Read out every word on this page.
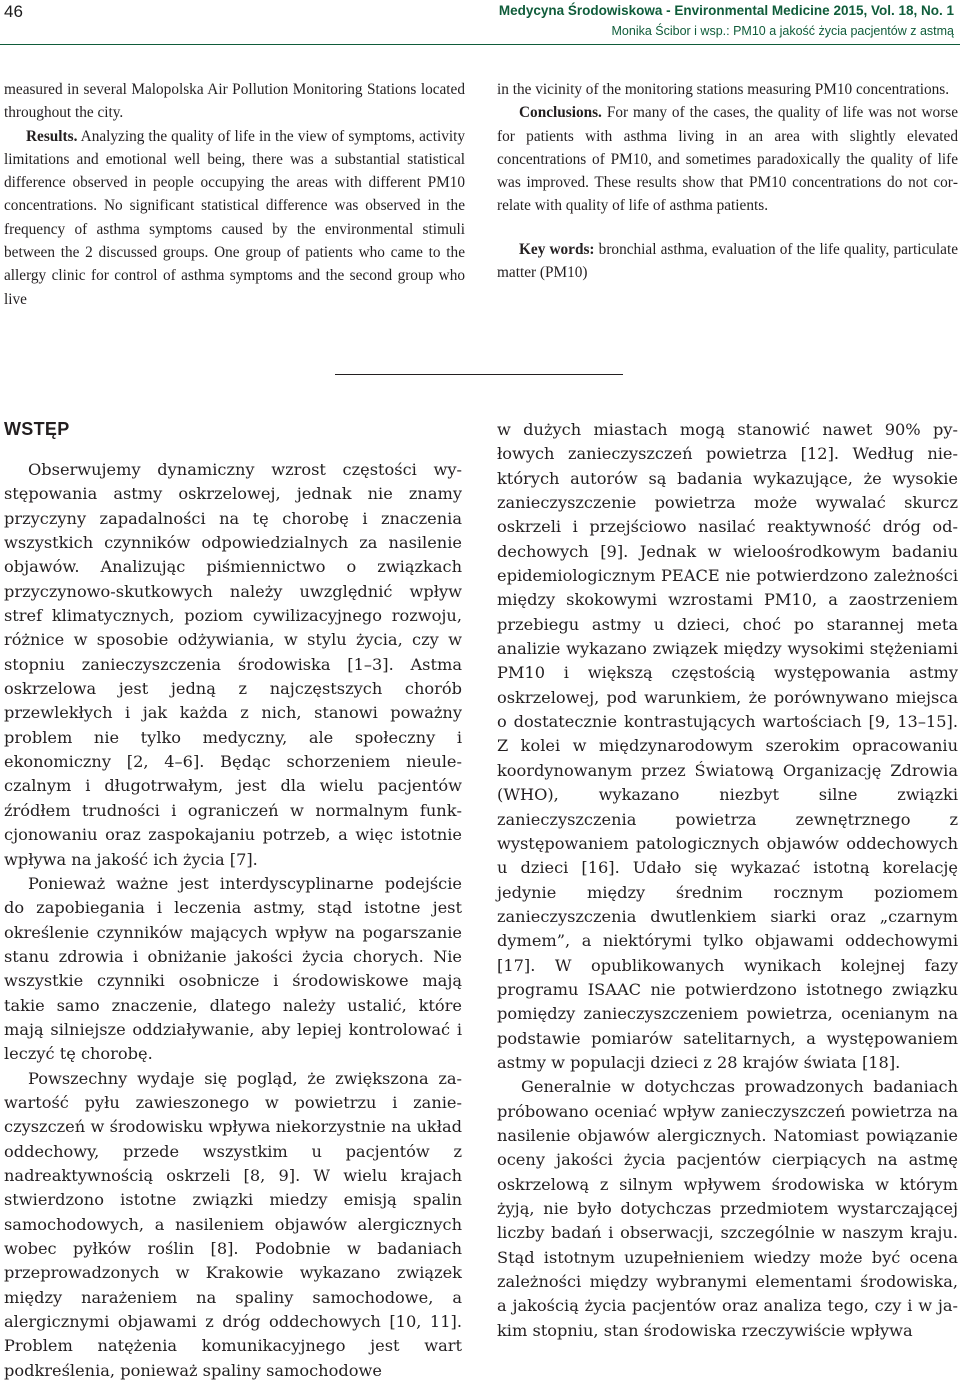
46	Medycyna Środowiskowa - Environmental Medicine 2015, Vol. 18, No. 1
Monika Ścibor i wsp.: PM10 a jakość życia pacjentów z astmą

measured in several Malopolska Air Pollution Monitoring Stations located throughout the city.

Results. Analyzing the quality of life in the view of symptoms, activity limitations and emotional well being, there was a substantial statistical difference observed in people occupying the areas with different PM10 concentrations. No significant statistical difference was observed in the frequency of asthma symptoms caused by the environmental stimuli between the 2 discussed groups. One group of patients who came to the allergy clinic for control of asthma symptoms and the second group who live

in the vicinity of the monitoring stations measuring PM10 concentrations.

Conclusions. For many of the cases, the quality of life was not worse for patients with asthma living in an area with slightly elevated concentrations of PM10, and sometimes paradoxically the quality of life was improved. These results show that PM10 concentrations do not correlate with quality of life of asthma patients.

Key words: bronchial asthma, evaluation of the life quality, particulate matter (PM10)

WSTĘP

Obserwujemy dynamiczny wzrost częstości występowania astmy oskrzelowej, jednak nie znamy przyczyny zapadalności na tę chorobę i znaczenia wszystkich czynników odpowiedzialnych za nasilenie objawów. Analizując piśmiennictwo o związkach przyczynowo-skutkowych należy uwzględnić wpływ stref klimatycznych, poziom cywilizacyjnego rozwoju, różnice w sposobie odżywiania, w stylu życia, czy w stopniu zanieczyszczenia środowiska [1–3]. Astma oskrzelowa jest jedną z najczęstszych chorób przewlekłych i jak każda z nich, stanowi poważny problem nie tylko medyczny, ale społeczny i ekonomiczny [2, 4–6]. Będąc schorzeniem nieuleczalnym i długotrwałym, jest dla wielu pacjentów źródłem trudności i ograniczeń w normalnym funkcjonowaniu oraz zaspokajaniu potrzeb, a więc istotnie wpływa na jakość ich życia [7].

Ponieważ ważne jest interdyscyplinarne podejście do zapobiegania i leczenia astmy, stąd istotne jest określenie czynników mających wpływ na pogarszanie stanu zdrowia i obniżanie jakości życia chorych. Nie wszystkie czynniki osobnicze i środowiskowe mają takie samo znaczenie, dlatego należy ustalić, które mają silniejsze oddziaływanie, aby lepiej kontrolować i leczyć tę chorobę.

Powszechny wydaje się pogląd, że zwiększona zawartość pyłu zawieszonego w powietrzu i zanieczyszczeń w środowisku wpływa niekorzystnie na układ oddechowy, przede wszystkim u pacjentów z nadreaktywnością oskrzeli [8, 9]. W wielu krajach stwierdzono istotne związki miedzy emisją spalin samochodowych, a nasileniem objawów alergicznych wobec pyłków roślin [8]. Podobnie w badaniach przeprowadzonych w Krakowie wykazano związek między narażeniem na spaliny samochodowe, a alergicznymi objawami z dróg oddechowych [10, 11]. Problem natężenia komunikacyjnego jest wart podkreślenia, ponieważ spaliny samochodowe

w dużych miastach mogą stanowić nawet 90% pyłowych zanieczyszczeń powietrza [12]. Według niektórych autorów są badania wykazujące, że wysokie zanieczyszczenie powietrza może wywalać skurcz oskrzeli i przejściowo nasilać reaktywność dróg oddechowych [9]. Jednak w wieloośrodkowym badaniu epidemiologicznym PEACE nie potwierdzono zależności między skokowymi wzrostami PM10, a zaostrzeniem przebiegu astmy u dzieci, choć po starannej meta analizie wykazano związek między wysokimi stężeniami PM10 i większą częstością występowania astmy oskrzelowej, pod warunkiem, że porównywano miejsca o dostatecznie kontrastujących wartościach [9, 13–15]. Z kolei w międzynarodowym szerokim opracowaniu koordynowanym przez Światową Organizację Zdrowia (WHO), wykazano niezbyt silne związki zanieczyszczenia powietrza zewnętrznego z występowaniem patologicznych objawów oddechowych u dzieci [16]. Udało się wykazać istotną korelację jedynie między średnim rocznym poziomem zanieczyszczenia dwutlenkiem siarki oraz „czarnym dymem”, a niektórymi tylko objawami oddechowymi [17]. W opublikowanych wynikach kolejnej fazy programu ISAAC nie potwierdzono istotnego związku pomiędzy zanieczyszczeniem powietrza, ocenianym na podstawie pomiarów satelitarnych, a występowaniem astmy w populacji dzieci z 28 krajów świata [18].

Generalnie w dotychczas prowadzonych badaniach próbowano oceniać wpływ zanieczyszczeń powietrza na nasilenie objawów alergicznych. Natomiast powiązanie oceny jakości życia pacjentów cierpiących na astmę oskrzelową z silnym wpływem środowiska w którym żyją, nie było dotychczas przedmiotem wystarczającej liczby badań i obserwacji, szczególnie w naszym kraju. Stąd istotnym uzupełnieniem wiedzy może być ocena zależności między wybranymi elementami środowiska, a jakością życia pacjentów oraz analiza tego, czy i w jakim stopniu, stan środowiska rzeczywiście wpływa
